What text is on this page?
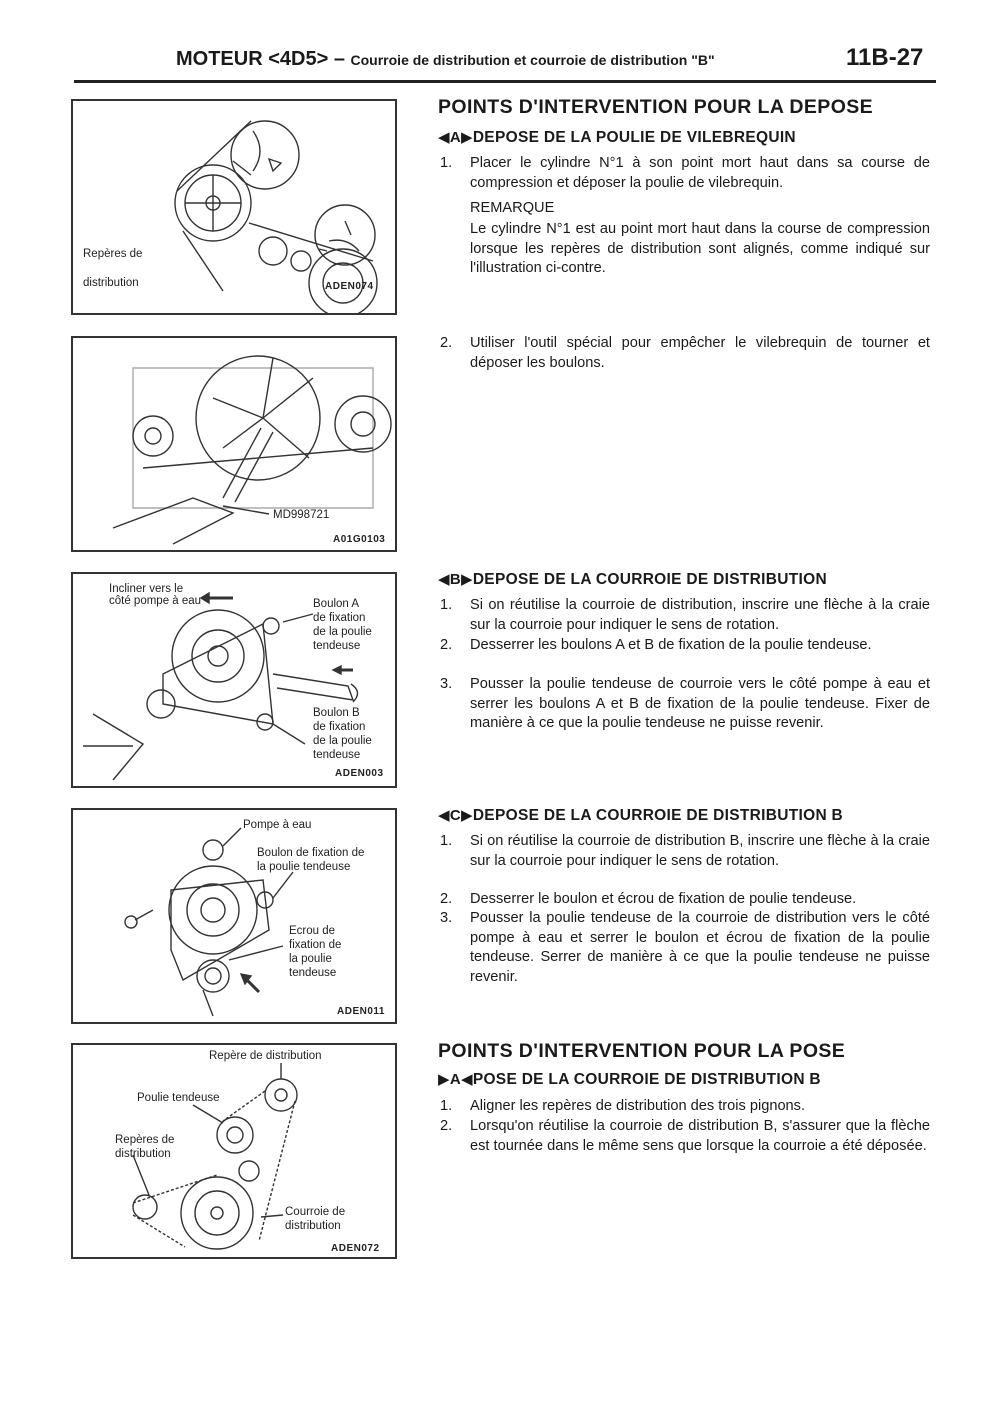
MOTEUR <4D5> – Courroie de distribution et courroie de distribution "B"	11B-27
Repères de
distribution	ADEN074
MD998721
A01G0103
Incliner vers le
côté pompe à eau	Boulon A
de fixation
de la poulie
tendeuse
Boulon B
de fixation
de la poulie
tendeuse
ADEN003
Pompe à eau
Boulon de fixation de
la poulie tendeuse
Ecrou de
fixation de
la poulie
tendeuse
ADEN011
Repère de distribution
Poulie tendeuse
Repères de
distribution
Courroie de
distribution
ADEN072
POINTS D'INTERVENTION POUR LA DEPOSE
◀A▶DEPOSE DE LA POULIE DE VILEBREQUIN
1. Placer le cylindre N°1 à son point mort haut dans sa course de compression et déposer la poulie de vilebrequin.
REMARQUE
Le cylindre N°1 est au point mort haut dans la course de compression lorsque les repères de distribution sont alignés, comme indiqué sur l'illustration ci-contre.
2. Utiliser l'outil spécial pour empêcher le vilebrequin de tourner et déposer les boulons.
◀B▶DEPOSE DE LA COURROIE DE DISTRIBUTION
1. Si on réutilise la courroie de distribution, inscrire une flèche à la craie sur la courroie pour indiquer le sens de rotation.
2. Desserrer les boulons A et B de fixation de la poulie tendeuse.
3. Pousser la poulie tendeuse de courroie vers le côté pompe à eau et serrer les boulons A et B de fixation de la poulie tendeuse. Fixer de manière à ce que la poulie tendeuse ne puisse revenir.
◀C▶DEPOSE DE LA COURROIE DE DISTRIBUTION B
1. Si on réutilise la courroie de distribution B, inscrire une flèche à la craie sur la courroie pour indiquer le sens de rotation.
2. Desserrer le boulon et écrou de fixation de poulie tendeuse.
3. Pousser la poulie tendeuse de la courroie de distribution vers le côté pompe à eau et serrer le boulon et écrou de fixation de la poulie tendeuse. Serrer de manière à ce que la poulie tendeuse ne puisse revenir.
POINTS D'INTERVENTION POUR LA POSE
▶A◀POSE DE LA COURROIE DE DISTRIBUTION B
1. Aligner les repères de distribution des trois pignons.
2. Lorsqu'on réutilise la courroie de distribution B, s'assurer que la flèche est tournée dans le même sens que lorsque la courroie a été déposée.
